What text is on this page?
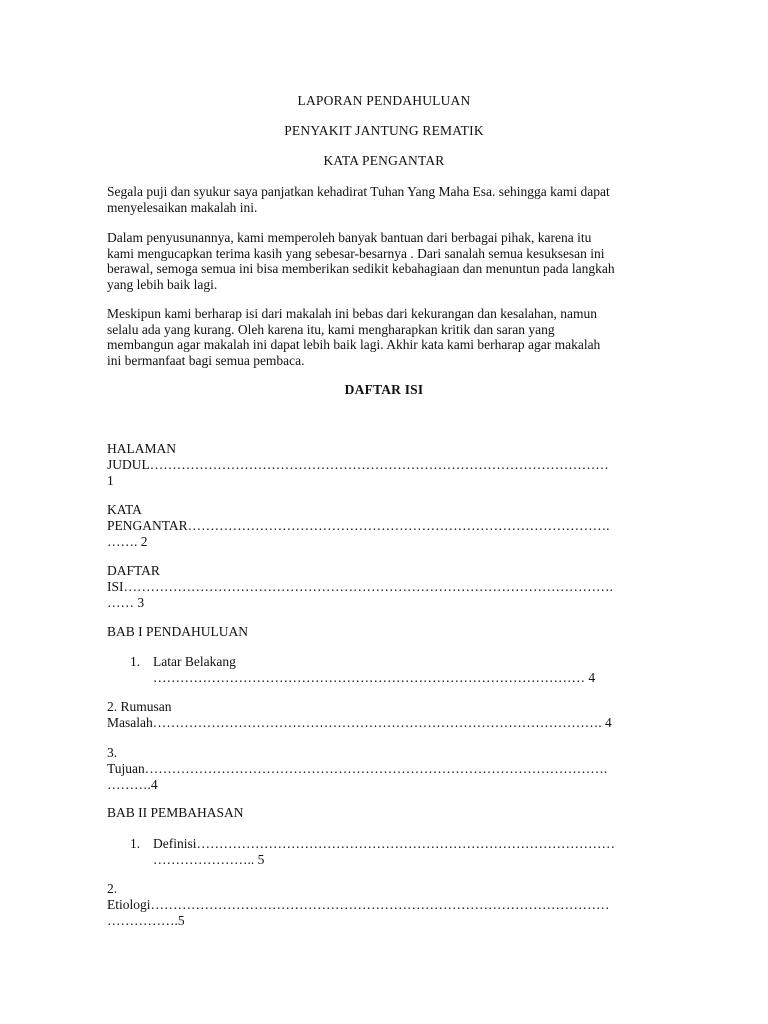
LAPORAN PENDAHULUAN
PENYAKIT JANTUNG REMATIK
KATA PENGANTAR
Segala puji dan syukur saya panjatkan kehadirat Tuhan Yang Maha Esa. sehingga kami dapat
menyelesaikan makalah ini.
Dalam penyusunannya, kami memperoleh banyak bantuan dari berbagai pihak, karena itu
kami mengucapkan terima kasih yang sebesar-besarnya . Dari sanalah semua kesuksesan ini
berawal, semoga semua ini bisa memberikan sedikit kebahagiaan dan menuntun pada langkah
yang lebih baik lagi.
Meskipun kami berharap isi dari makalah ini bebas dari kekurangan dan kesalahan, namun
selalu ada yang kurang. Oleh karena itu, kami mengharapkan kritik dan saran yang
membangun agar makalah ini dapat lebih baik lagi. Akhir kata kami berharap agar makalah
ini bermanfaat bagi semua pembaca.
DAFTAR ISI
HALAMAN
JUDUL…………………………………………………………………………………………
1
KATA
PENGANTAR………………………………………………………………………………….
……. 2
DAFTAR
ISI……………………………………………………………………………………………….
…… 3
BAB I PENDAHULUAN
1. Latar Belakang
…………………………………………………………………………………… 4
2. Rumusan
Masalah………………………………………………………………………………………. 4
3.
Tujuan………………………………………………………………………………………….
……….4
BAB II PEMBAHASAN
1. Definisi…………………………………………………………………………………
………………….. 5
2.
Etiologi…………………………………………………………………………………………
…………….5
